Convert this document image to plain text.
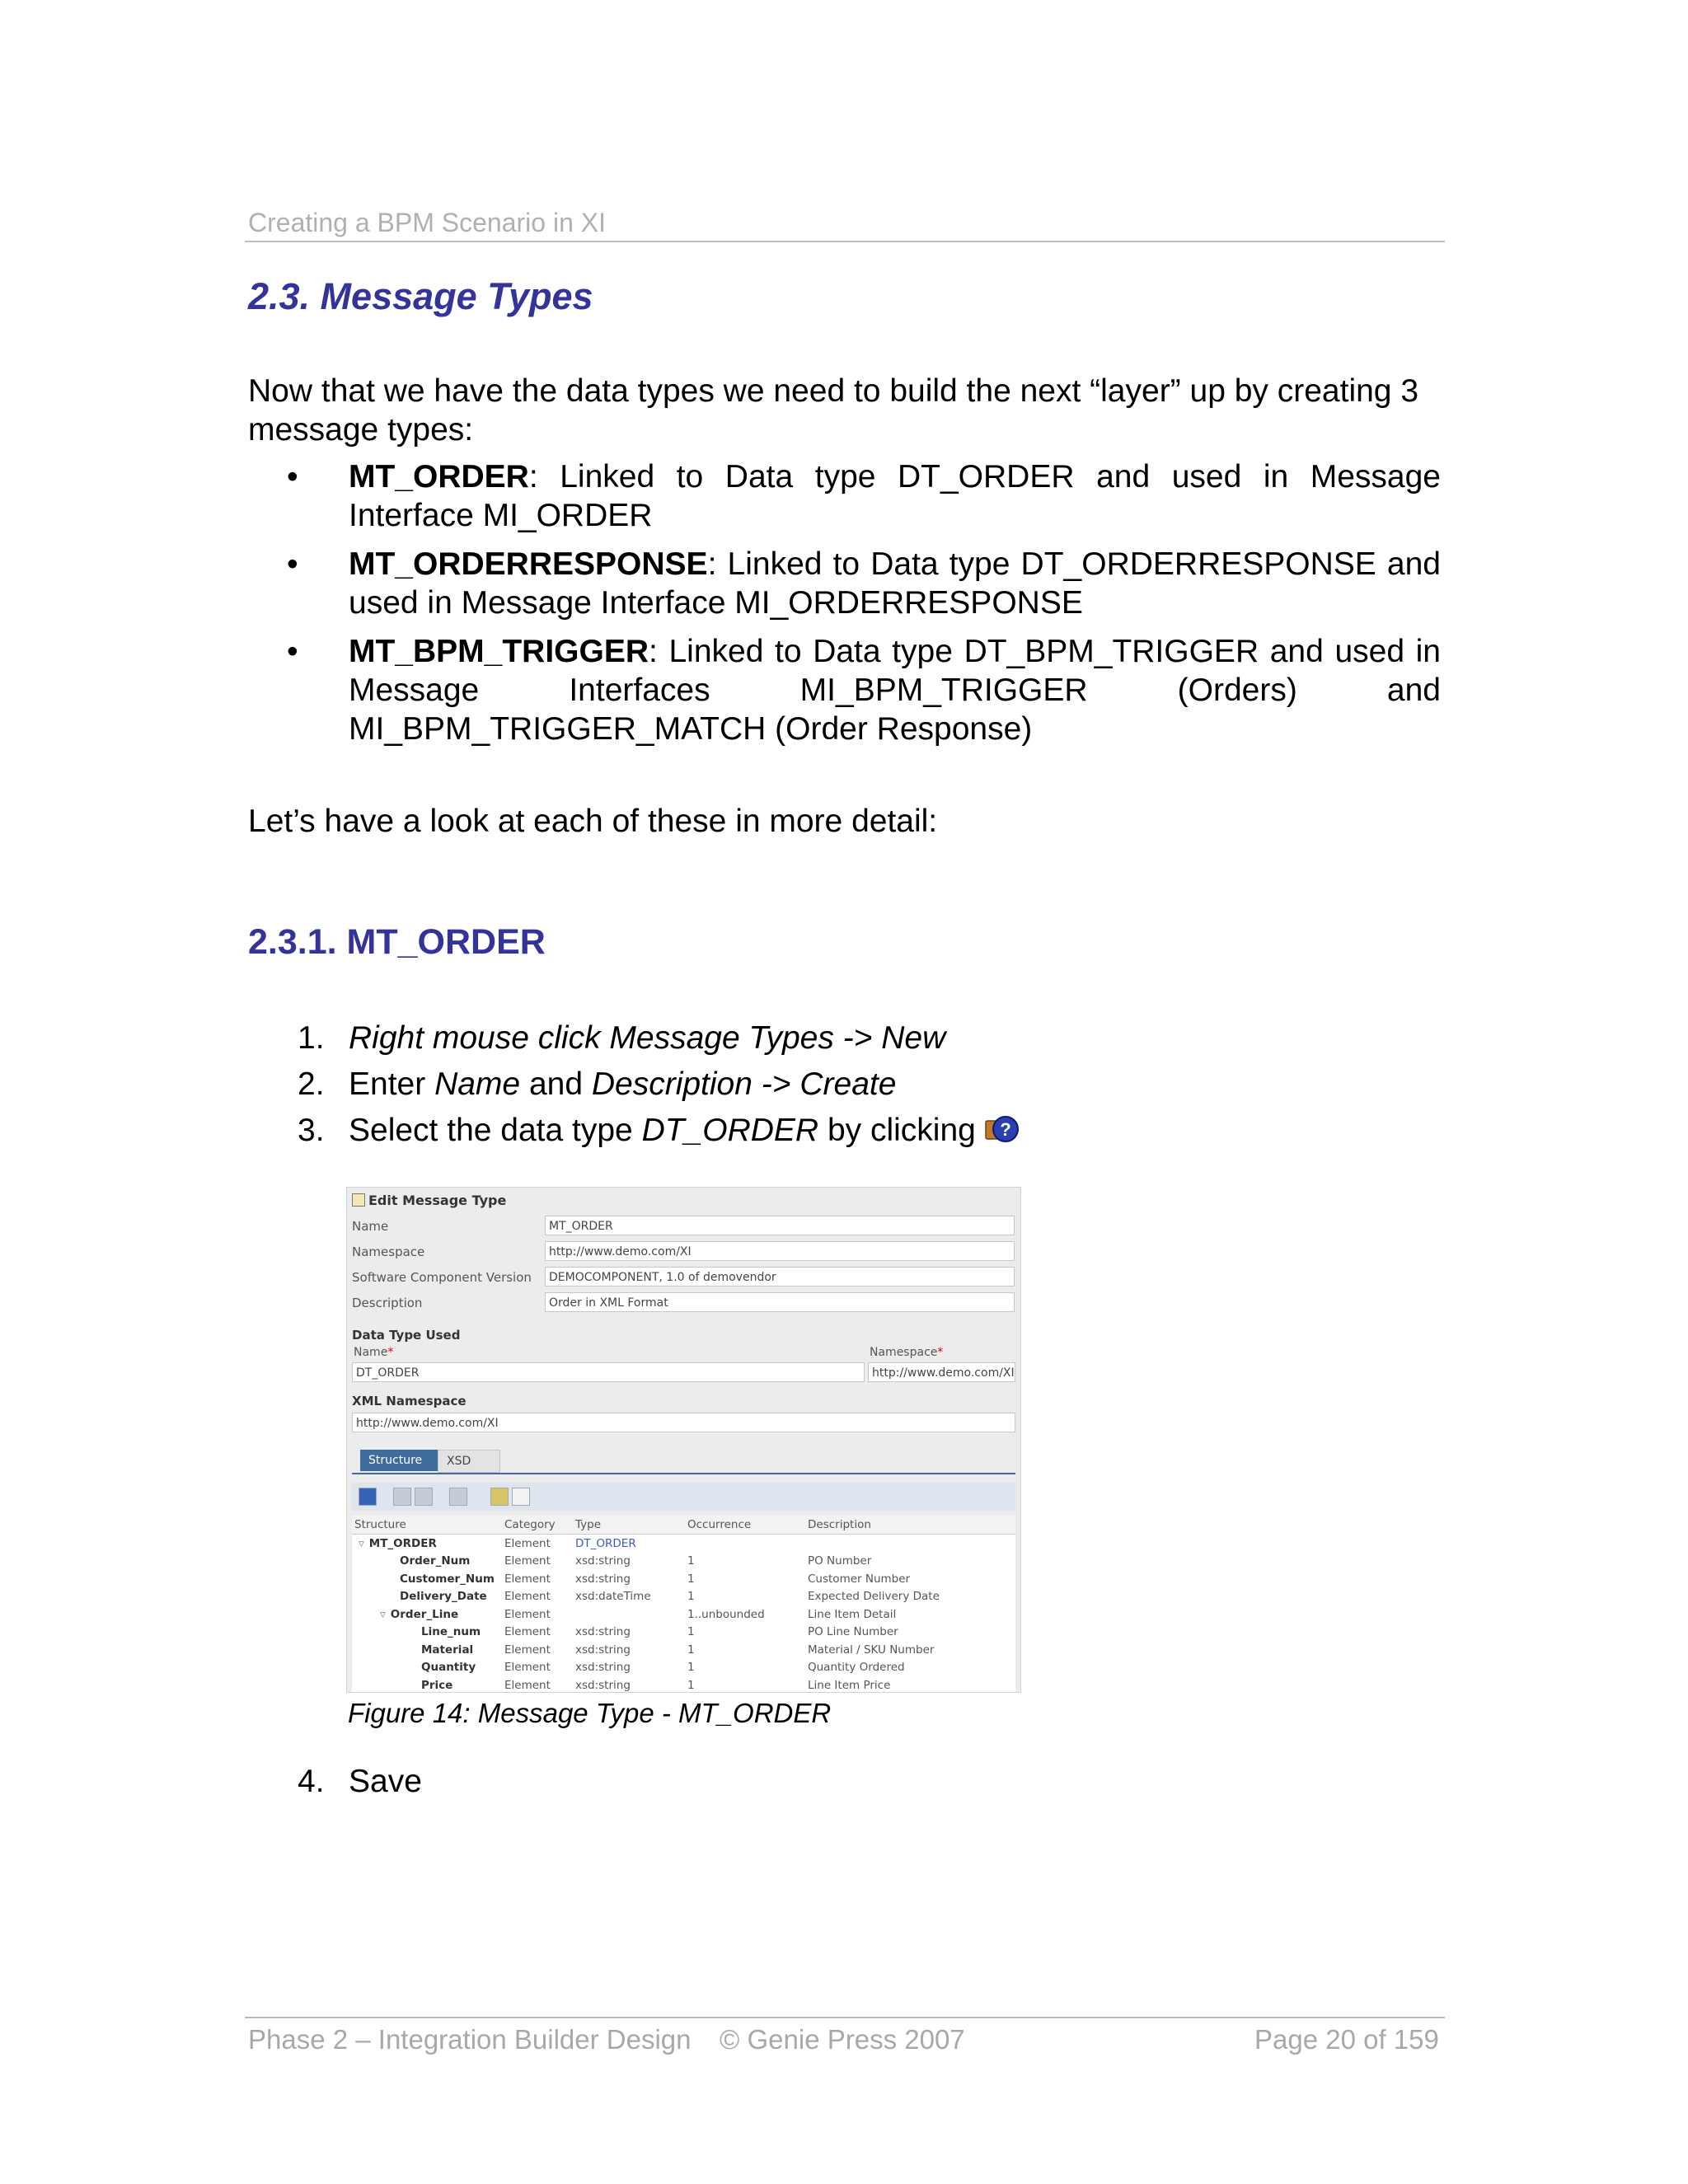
Creating a BPM Scenario in XI
2.3. Message Types
Now that we have the data types we need to build the next “layer” up by creating 3 message types:
• MT_ORDER: Linked to Data type DT_ORDER and used in Message Interface MI_ORDER
• MT_ORDERRESPONSE: Linked to Data type DT_ORDERRESPONSE and used in Message Interface MI_ORDERRESPONSE
• MT_BPM_TRIGGER: Linked to Data type DT_BPM_TRIGGER and used in Message Interfaces MI_BPM_TRIGGER (Orders) and MI_BPM_TRIGGER_MATCH (Order Response)
Let’s have a look at each of these in more detail:
2.3.1. MT_ORDER
1. Right mouse click Message Types -> New
2. Enter Name and Description -> Create
3. Select the data type DT_ORDER by clicking ?
Edit Message Type
Name	MT_ORDER
Namespace	http://www.demo.com/XI
Software Component Version	DEMOCOMPONENT, 1.0 of demovendor
Description	Order in XML Format
Data Type Used
Name*	Namespace*
DT_ORDER	http://www.demo.com/XI
XML Namespace
http://www.demo.com/XI
Structure	XSD
Structure	Category	Type	Occurrence	Description
▿ MT_ORDER	Element	DT_ORDER		
Order_Num	Element	xsd:string	1	PO Number
Customer_Num	Element	xsd:string	1	Customer Number
Delivery_Date	Element	xsd:dateTime	1	Expected Delivery Date
▿ Order_Line	Element		1..unbounded	Line Item Detail
Line_num	Element	xsd:string	1	PO Line Number
Material	Element	xsd:string	1	Material / SKU Number
Quantity	Element	xsd:string	1	Quantity Ordered
Price	Element	xsd:string	1	Line Item Price
Figure 14: Message Type - MT_ORDER
4. Save
Phase 2 – Integration Builder Design © Genie Press 2007	Page 20 of 159
